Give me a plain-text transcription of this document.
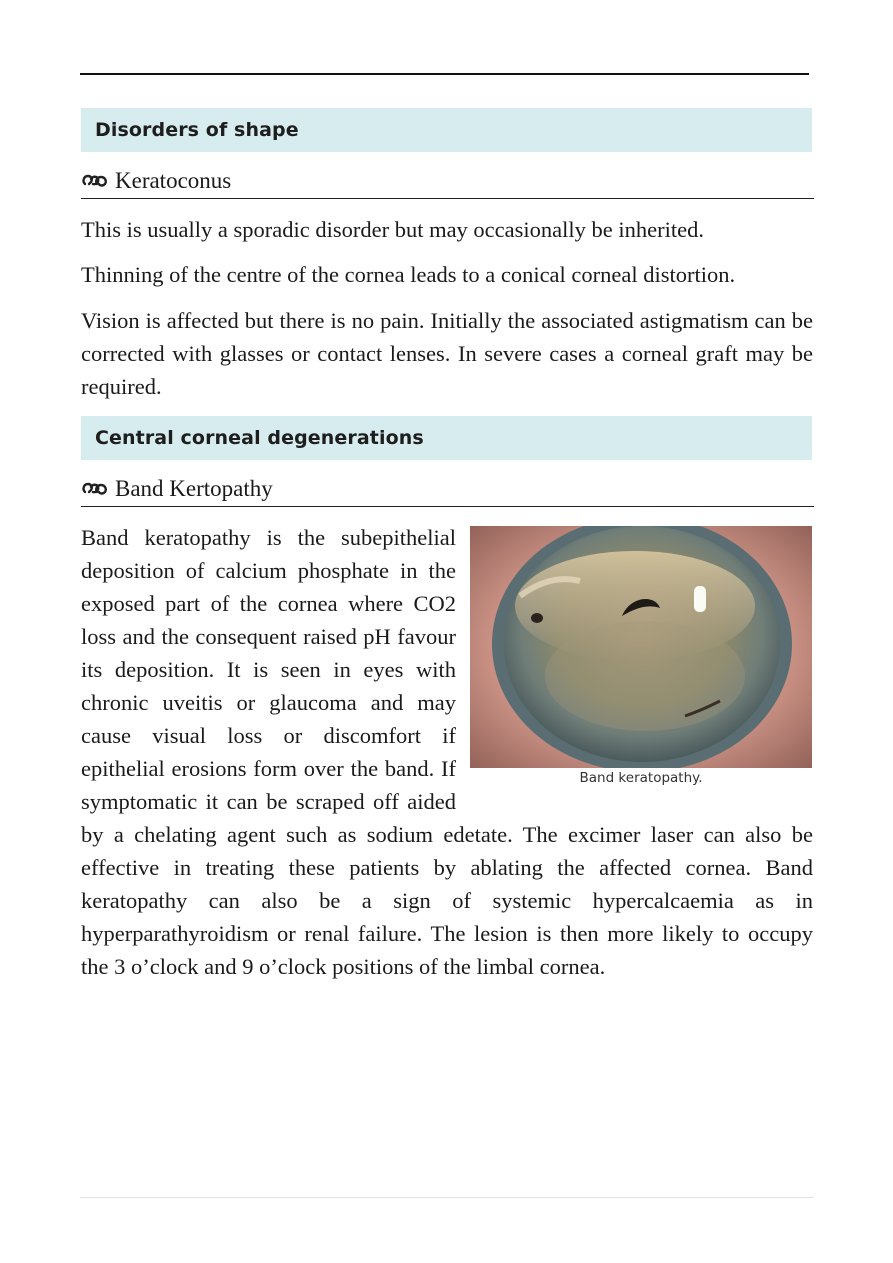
Disorders of shape
Keratoconus

This is usually a sporadic disorder but may occasionally be inherited.

Thinning of the centre of the cornea leads to a conical corneal distortion.

Vision is affected but there is no pain. Initially the associated astigmatism can be corrected with glasses or contact lenses. In severe cases a corneal graft may be required.

Central corneal degenerations
Band Kertopathy

Band keratopathy is the subepithelial deposition of calcium phosphate in the exposed part of the cornea where CO2 loss and the consequent raised pH favour its deposition. It is seen in eyes with chronic uveitis or glaucoma and may cause visual loss or discomfort if epithelial erosions form over the band. If symptomatic it can be scraped off aided

Band keratopathy.

by a chelating agent such as sodium edetate. The excimer laser can also be effective in treating these patients by ablating the affected cornea. Band keratopathy can also be a sign of systemic hypercalcaemia as in hyperparathyroidism or renal failure. The lesion is then more likely to occupy the 3 o’clock and 9 o’clock positions of the limbal cornea.
